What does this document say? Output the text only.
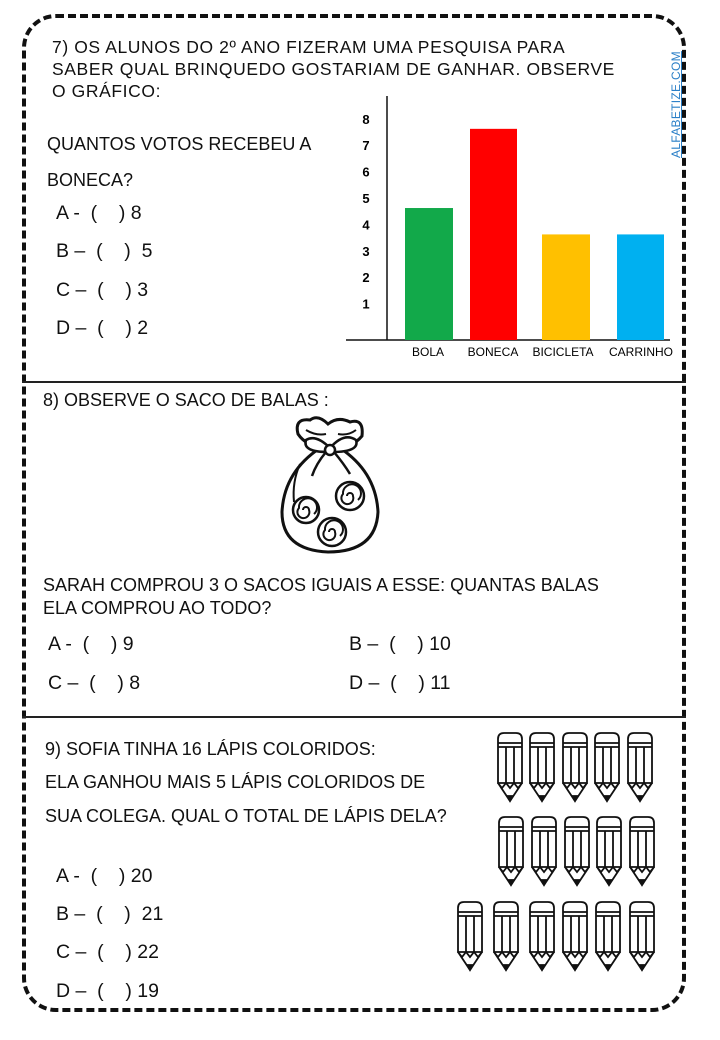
ALFABETIZE.COM
7) OS ALUNOS DO 2º ANO FIZERAM UMA PESQUISA PARA
SABER QUAL BRINQUEDO GOSTARIAM DE GANHAR. OBSERVE
O GRÁFICO:
QUANTOS VOTOS RECEBEU A
BONECA?
A -  (    ) 8
B –  (    )  5
C –  (    ) 3
D –  (    ) 2
1
2
3
4
5
6
7
8
BOLA BONECA BICICLETA CARRINHO
8) OBSERVE O SACO DE BALAS :
SARAH COMPROU 3 O SACOS IGUAIS A ESSE: QUANTAS BALAS
ELA COMPROU AO TODO?
A -  (    ) 9	B –  (    ) 10
C –  (    ) 8	D –  (    ) 11
9) SOFIA TINHA 16 LÁPIS COLORIDOS:
ELA GANHOU MAIS 5 LÁPIS COLORIDOS DE
SUA COLEGA. QUAL O TOTAL DE LÁPIS DELA?
A -  (    ) 20
B –  (    )  21
C –  (    ) 22
D –  (    ) 19
